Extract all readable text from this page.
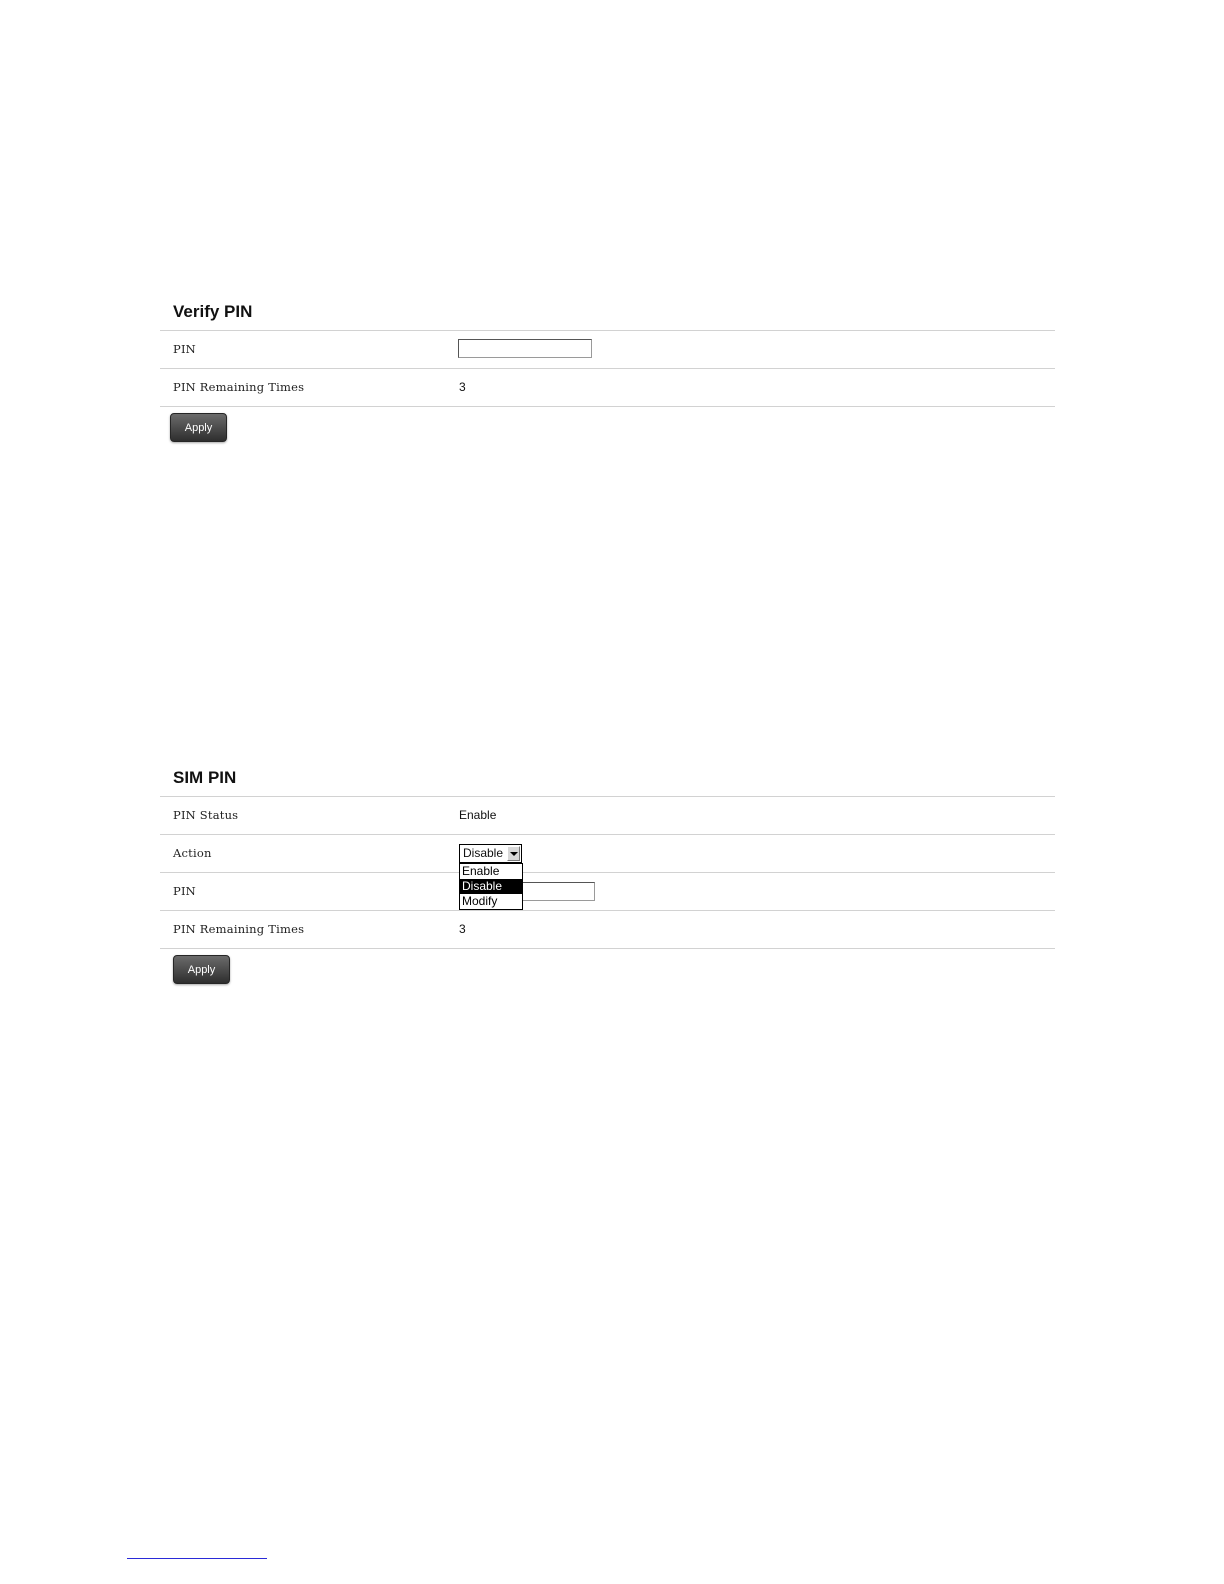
Verify PIN
PIN
PIN Remaining Times	3
Apply
SIM PIN
PIN Status	Enable
Action	Disable
PIN
PIN Remaining Times	3
Apply
Enable
Disable
Modify
